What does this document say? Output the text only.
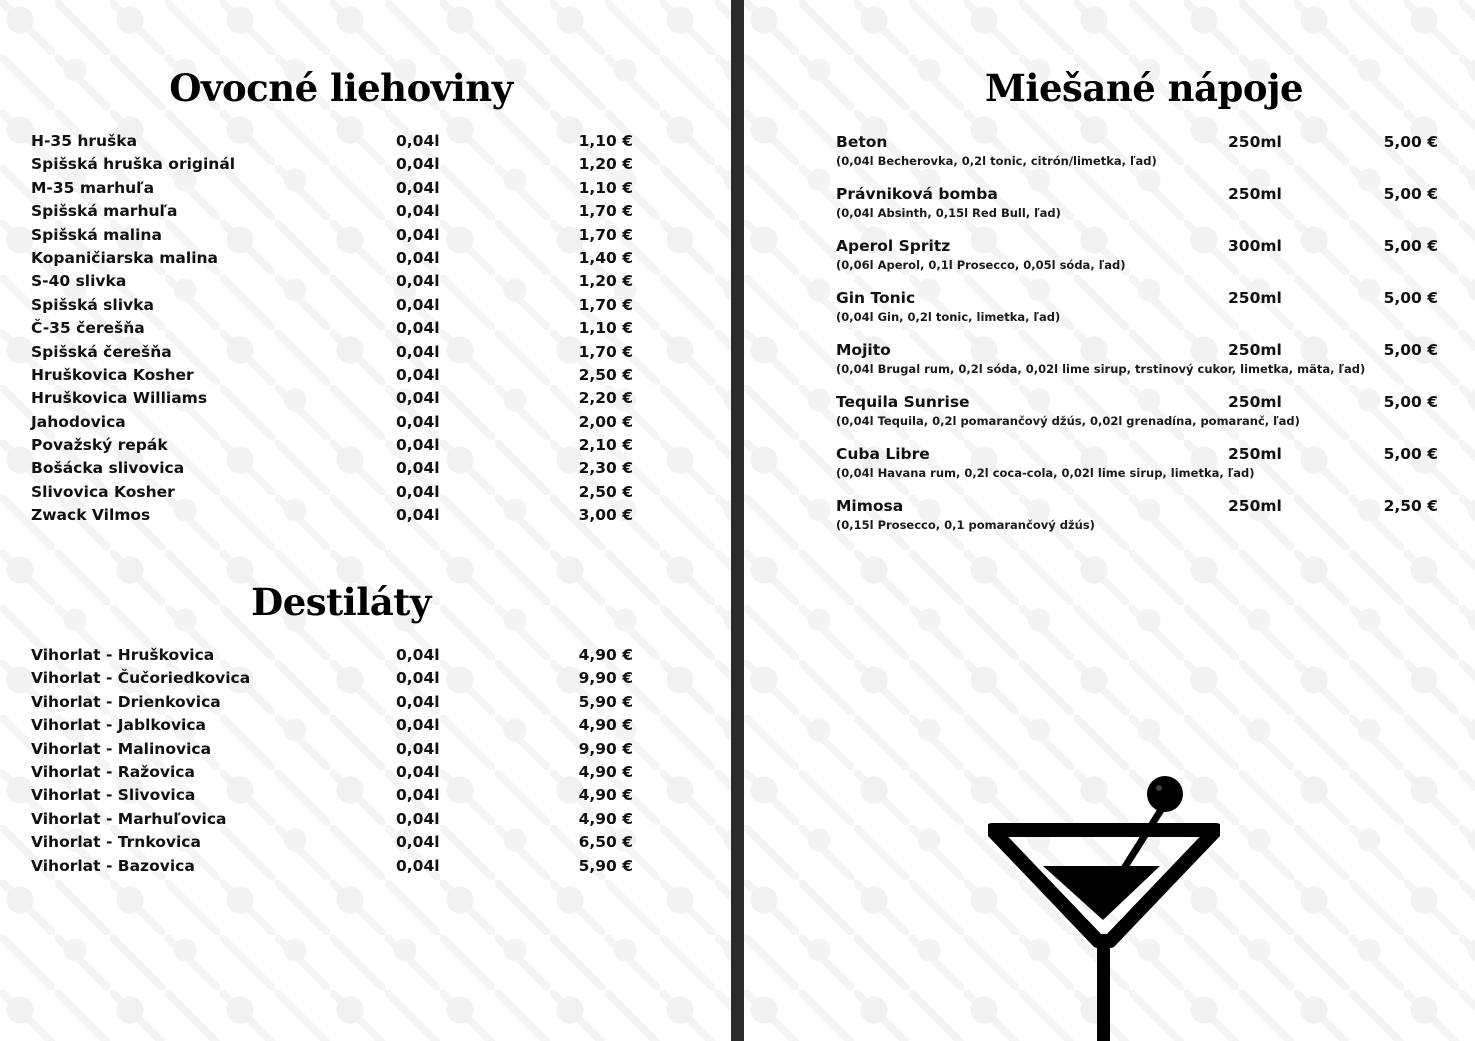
Ovocné liehoviny
H-35 hruška	0,04l	1,10 €
Spišská hruška originál	0,04l	1,20 €
M-35 marhuľa	0,04l	1,10 €
Spišská marhuľa	0,04l	1,70 €
Spišská malina	0,04l	1,70 €
Kopaničiarska malina	0,04l	1,40 €
S-40 slivka	0,04l	1,20 €
Spišská slivka	0,04l	1,70 €
Č-35 čerešňa	0,04l	1,10 €
Spišská čerešňa	0,04l	1,70 €
Hruškovica Kosher	0,04l	2,50 €
Hruškovica Williams	0,04l	2,20 €
Jahodovica	0,04l	2,00 €
Považský repák	0,04l	2,10 €
Bošácka slivovica	0,04l	2,30 €
Slivovica Kosher	0,04l	2,50 €
Zwack Vilmos	0,04l	3,00 €
Destiláty
Vihorlat - Hruškovica	0,04l	4,90 €
Vihorlat - Čučoriedkovica	0,04l	9,90 €
Vihorlat - Drienkovica	0,04l	5,90 €
Vihorlat - Jablkovica	0,04l	4,90 €
Vihorlat - Malinovica	0,04l	9,90 €
Vihorlat - Ražovica	0,04l	4,90 €
Vihorlat - Slivovica	0,04l	4,90 €
Vihorlat - Marhuľovica	0,04l	4,90 €
Vihorlat - Trnkovica	0,04l	6,50 €
Vihorlat - Bazovica	0,04l	5,90 €
Miešané nápoje
Beton	250ml	5,00 €
(0,04l Becherovka, 0,2l tonic, citrón/limetka, ľad)
Právniková bomba	250ml	5,00 €
(0,04l Absinth, 0,15l Red Bull, ľad)
Aperol Spritz	300ml	5,00 €
(0,06l Aperol, 0,1l Prosecco, 0,05l sóda, ľad)
Gin Tonic	250ml	5,00 €
(0,04l Gin, 0,2l tonic, limetka, ľad)
Mojito	250ml	5,00 €
(0,04l Brugal rum, 0,2l sóda, 0,02l lime sirup, trstinový cukor, limetka, mäta, ľad)
Tequila Sunrise	250ml	5,00 €
(0,04l Tequila, 0,2l pomarančový džús, 0,02l grenadína, pomaranč, ľad)
Cuba Libre	250ml	5,00 €
(0,04l Havana rum, 0,2l coca-cola, 0,02l lime sirup, limetka, ľad)
Mimosa	250ml	2,50 €
(0,15l Prosecco, 0,1 pomarančový džús)
